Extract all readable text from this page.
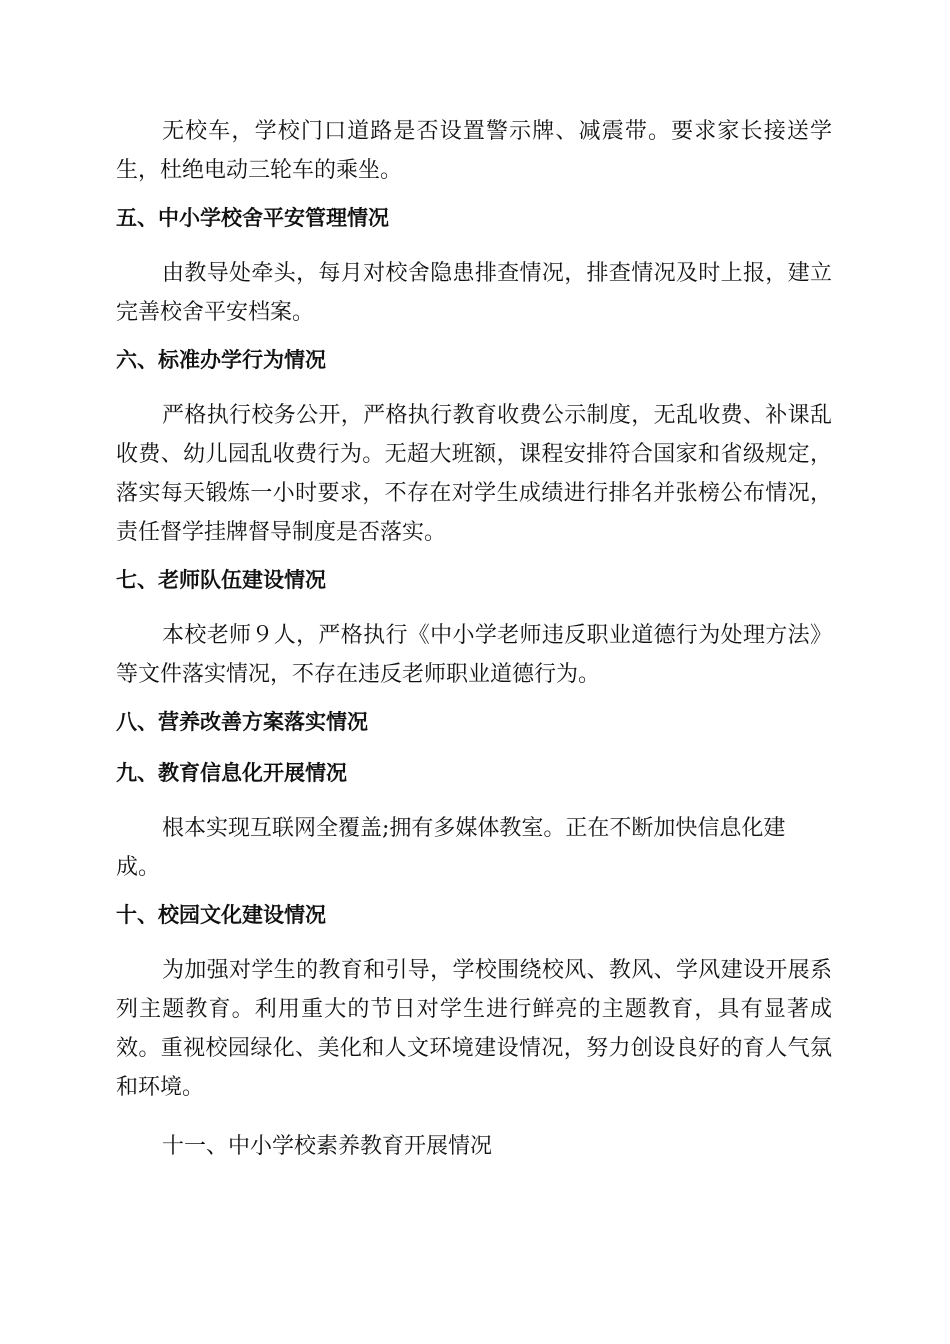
无校车，学校门口道路是否设置警示牌、减震带。要求家长接送学生，杜绝电动三轮车的乘坐。

五、中小学校舍平安管理情况

由教导处牵头，每月对校舍隐患排查情况，排查情况及时上报，建立完善校舍平安档案。

六、标准办学行为情况

严格执行校务公开，严格执行教育收费公示制度，无乱收费、补课乱收费、幼儿园乱收费行为。无超大班额，课程安排符合国家和省级规定，落实每天锻炼一小时要求，不存在对学生成绩进行排名并张榜公布情况，责任督学挂牌督导制度是否落实。

七、老师队伍建设情况

本校老师９人，严格执行《中小学老师违反职业道德行为处理方法》等文件落实情况，不存在违反老师职业道德行为。

八、营养改善方案落实情况
九、教育信息化开展情况

根本实现互联网全覆盖;拥有多媒体教室。正在不断加快信息化建

成。

十、校园文化建设情况

为加强对学生的教育和引导，学校围绕校风、教风、学风建设开展系列主题教育。利用重大的节日对学生进行鲜亮的主题教育，具有显著成效。重视校园绿化、美化和人文环境建设情况，努力创设良好的育人气氛和环境。

十一、中小学校素养教育开展情况
